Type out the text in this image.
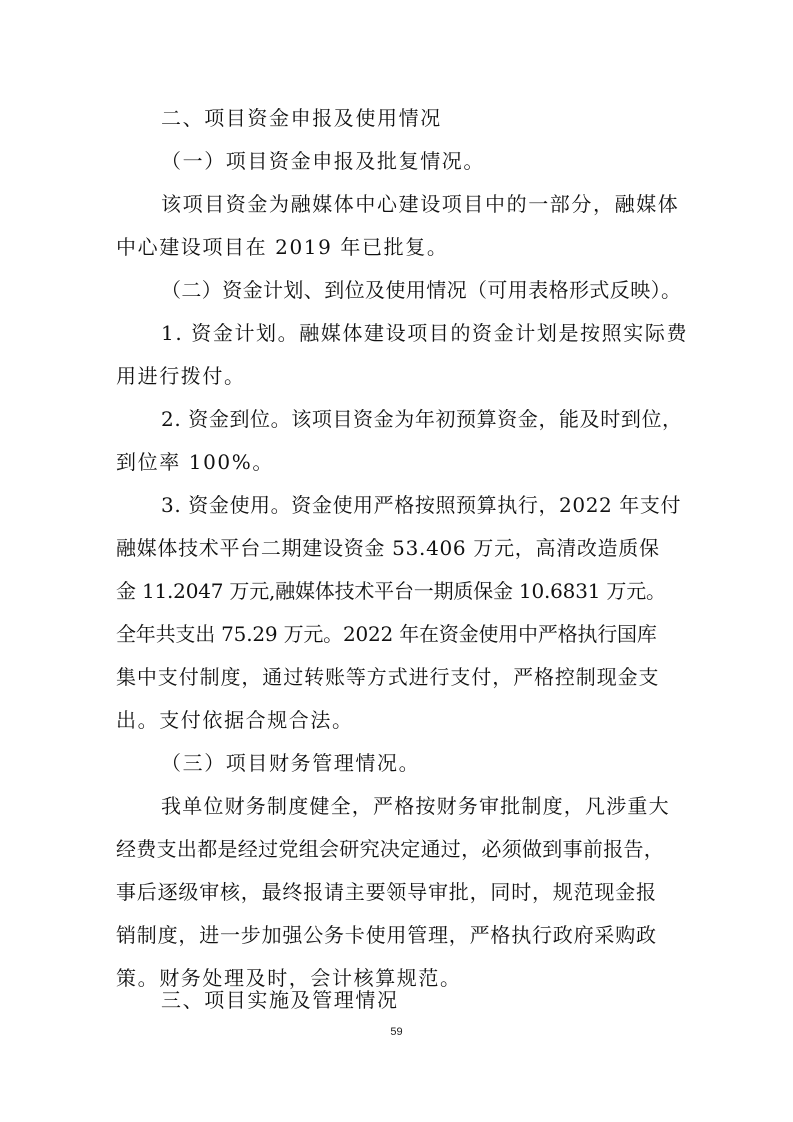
二、项目资金申报及使用情况
（一）项目资金申报及批复情况。
该项目资金为融媒体中心建设项目中的一部分，融媒体
中心建设项目在 2019 年已批复。
（二）资金计划、到位及使用情况（可用表格形式反映）。
1. 资金计划。融媒体建设项目的资金计划是按照实际费
用进行拨付。
2. 资金到位。该项目资金为年初预算资金，能及时到位，
到位率 100%。
3. 资金使用。资金使用严格按照预算执行，2022 年支付
融媒体技术平台二期建设资金 53.406 万元，高清改造质保
金 11.2047 万元,融媒体技术平台一期质保金 10.6831 万元。
全年共支出 75.29 万元。2022 年在资金使用中严格执行国库
集中支付制度，通过转账等方式进行支付，严格控制现金支
出。支付依据合规合法。
（三）项目财务管理情况。
我单位财务制度健全，严格按财务审批制度，凡涉重大
经费支出都是经过党组会研究决定通过，必须做到事前报告，
事后逐级审核，最终报请主要领导审批，同时，规范现金报
销制度，进一步加强公务卡使用管理，严格执行政府采购政
策。财务处理及时，会计核算规范。
三、项目实施及管理情况
59
